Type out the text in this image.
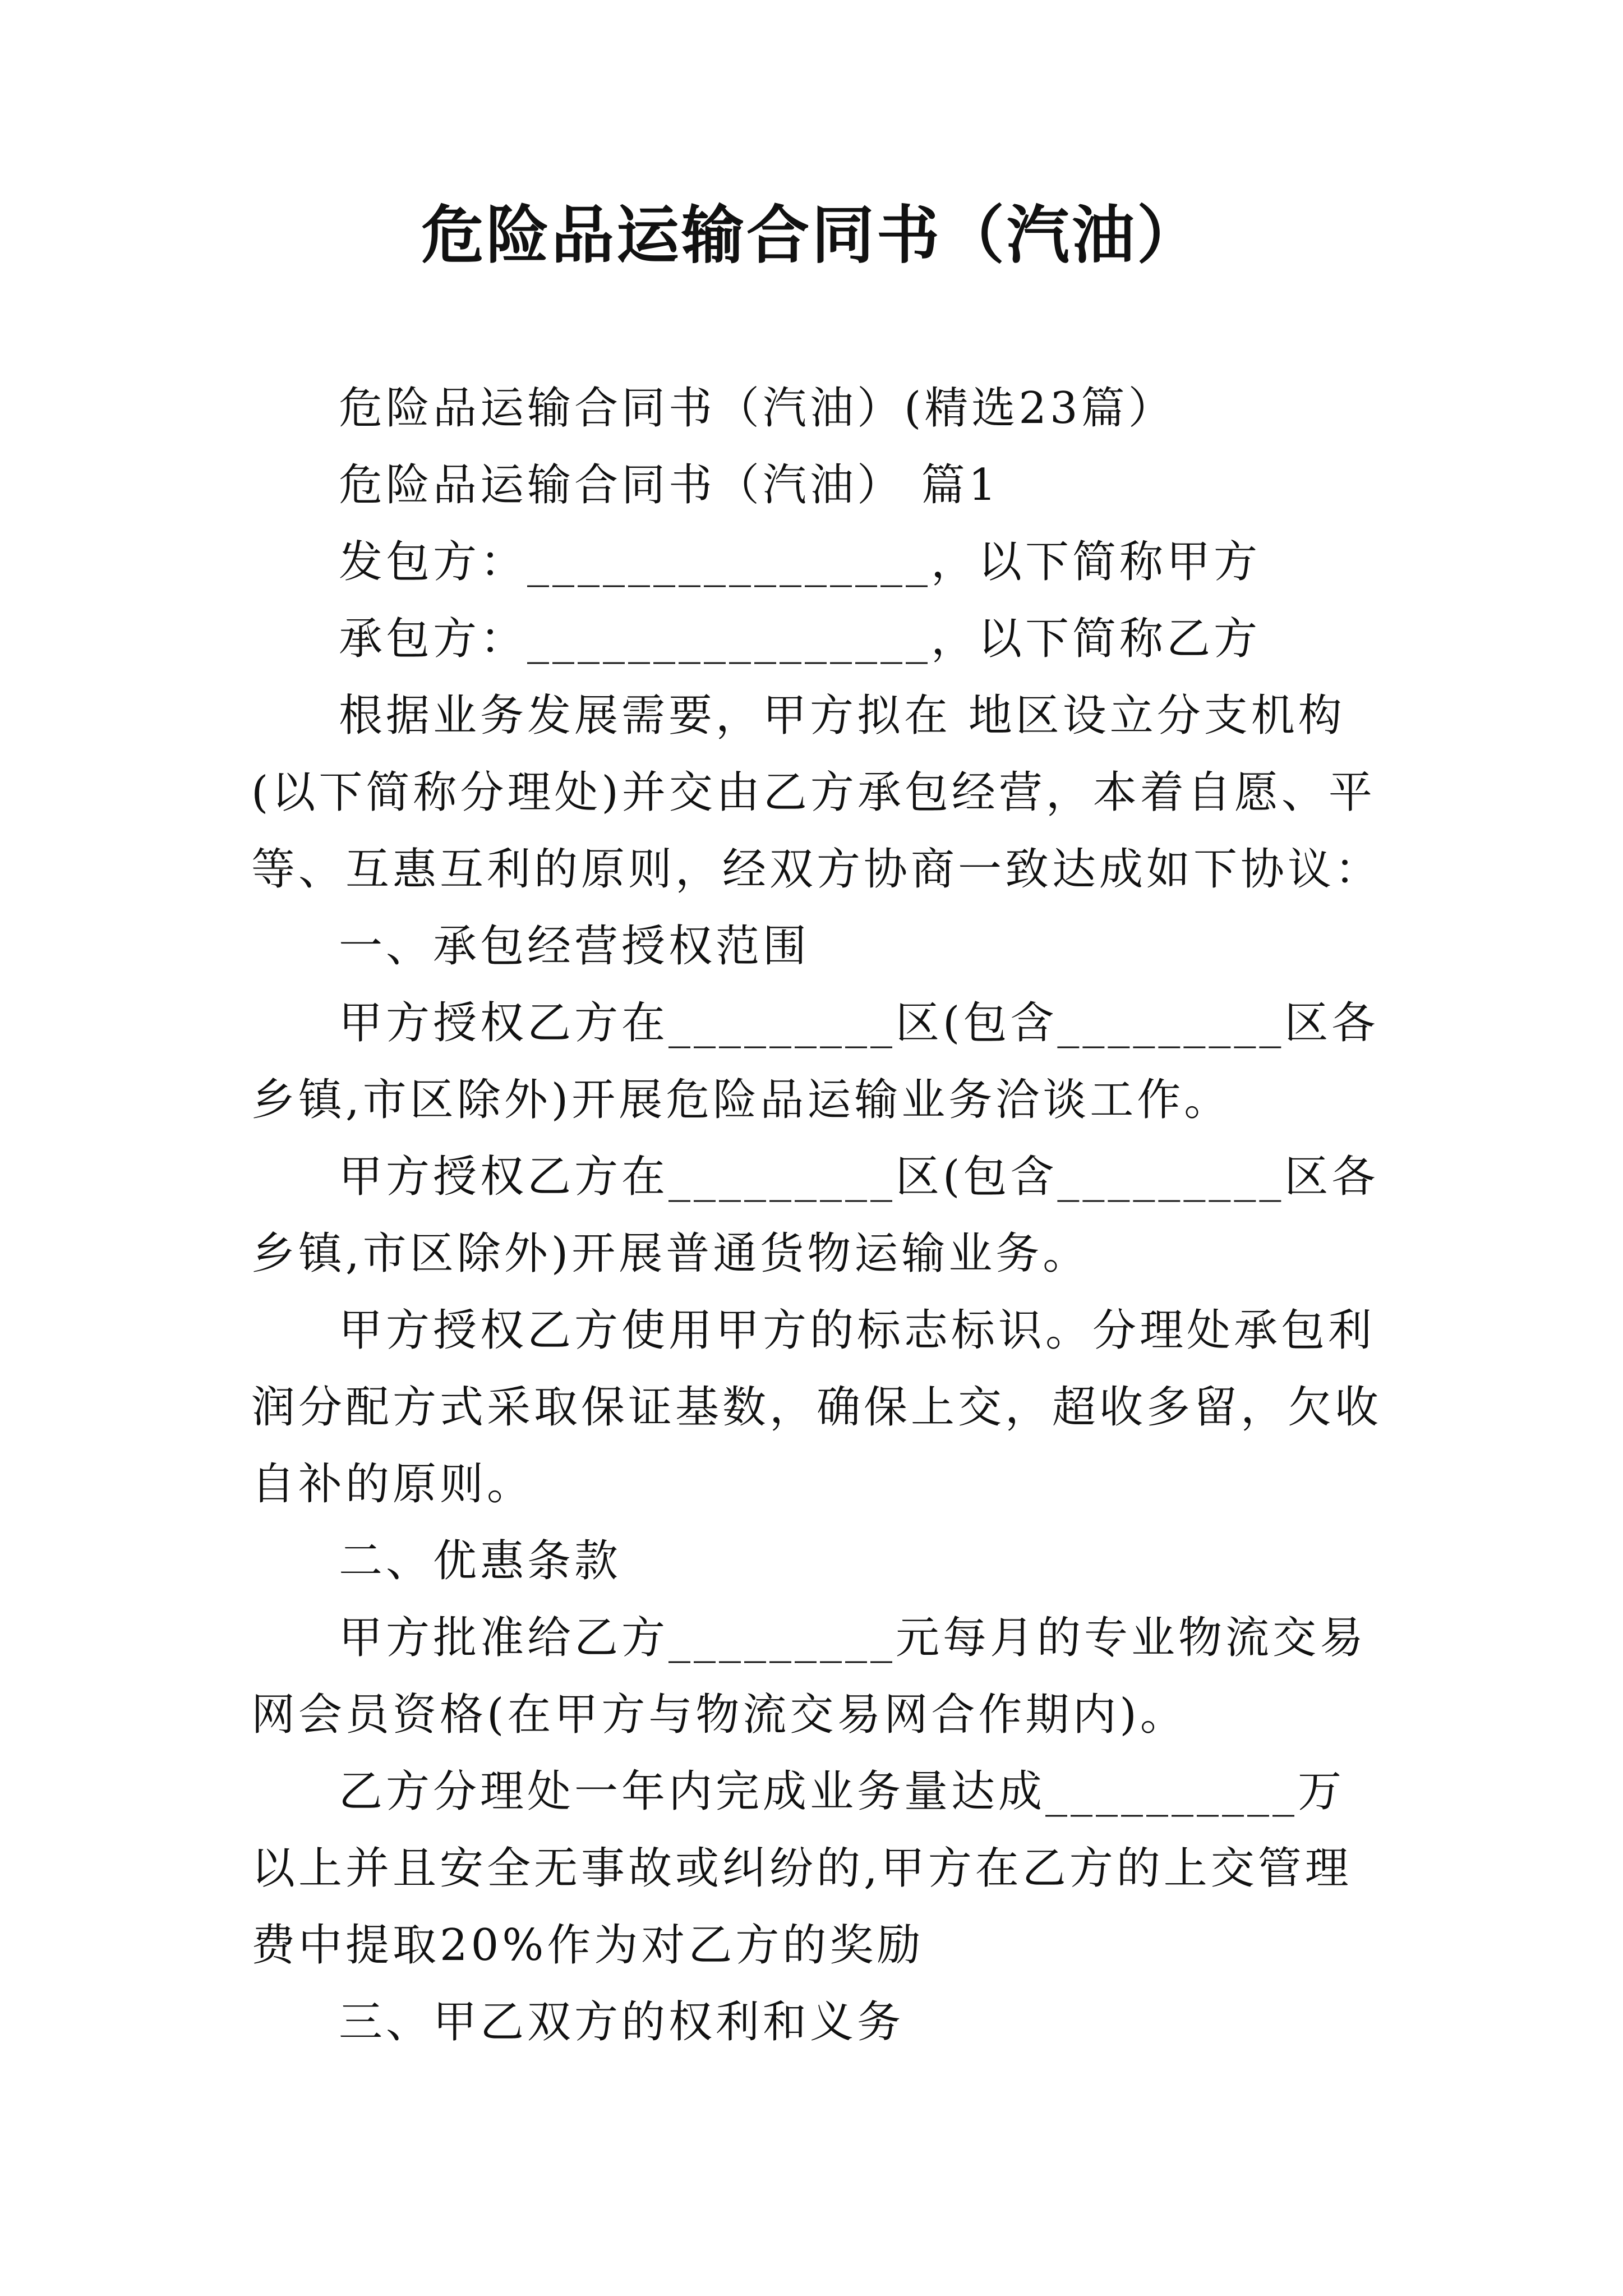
危险品运输合同书（汽油）

危险品运输合同书（汽油）(精选23篇）

危险品运输合同书（汽油） 篇1

发包方：________________，以下简称甲方

承包方：________________，以下简称乙方

根据业务发展需要，甲方拟在 地区设立分支机构(以下简称分理处)并交由乙方承包经营，本着自愿、平等、互惠互利的原则，经双方协商一致达成如下协议：

一、承包经营授权范围

甲方授权乙方在_________区(包含_________区各乡镇,市区除外)开展危险品运输业务洽谈工作。

甲方授权乙方在_________区(包含_________区各乡镇,市区除外)开展普通货物运输业务。

甲方授权乙方使用甲方的标志标识。分理处承包利润分配方式采取保证基数，确保上交，超收多留，欠收自补的原则。

二、优惠条款

甲方批准给乙方_________元每月的专业物流交易网会员资格(在甲方与物流交易网合作期内)。

乙方分理处一年内完成业务量达成__________万以上并且安全无事故或纠纷的,甲方在乙方的上交管理费中提取20%作为对乙方的奖励

三、甲乙双方的权利和义务
